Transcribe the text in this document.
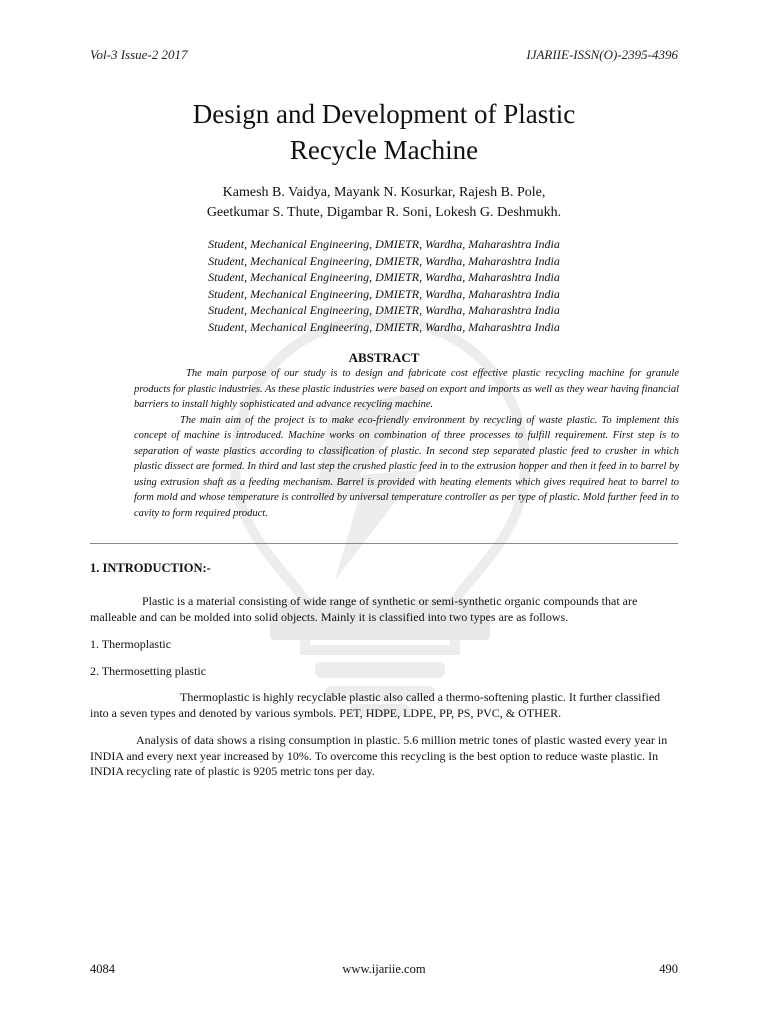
Vol-3 Issue-2 2017	IJARIIE-ISSN(O)-2395-4396
Design and Development of Plastic
Recycle Machine
Kamesh B. Vaidya, Mayank N. Kosurkar, Rajesh B. Pole,
Geetkumar S. Thute, Digambar R. Soni, Lokesh G. Deshmukh.
Student, Mechanical Engineering, DMIETR, Wardha, Maharashtra India
Student, Mechanical Engineering, DMIETR, Wardha, Maharashtra India
Student, Mechanical Engineering, DMIETR, Wardha, Maharashtra India
Student, Mechanical Engineering, DMIETR, Wardha, Maharashtra India
Student, Mechanical Engineering, DMIETR, Wardha, Maharashtra India
Student, Mechanical Engineering, DMIETR, Wardha, Maharashtra India
ABSTRACT

The main purpose of our study is to design and fabricate cost effective plastic recycling machine for granule products for plastic industries. As these plastic industries were based on export and imports as well as they wear having financial barriers to install highly sophisticated and advance recycling machine.

The main aim of the project is to make eco-friendly environment by recycling of waste plastic. To implement this concept of machine is introduced. Machine works on combination of three processes to fulfill requirement. First step is to separation of waste plastics according to classification of plastic. In second step separated plastic feed to crusher in which plastic dissect are formed. In third and last step the crushed plastic feed in to the extrusion hopper and then it feed in to barrel by using extrusion shaft as a feeding mechanism. Barrel is provided with heating elements which gives required heat to barrel to form mold and whose temperature is controlled by universal temperature controller as per type of plastic. Mold further feed in to cavity to form required product.

1. INTRODUCTION:-
Plastic is a material consisting of wide range of synthetic or semi-synthetic organic compounds that are malleable and can be molded into solid objects. Mainly it is classified into two types are as follows.
1. Thermoplastic
2. Thermosetting plastic
Thermoplastic is highly recyclable plastic also called a thermo-softening plastic. It further classified into a seven types and denoted by various symbols. PET, HDPE, LDPE, PP, PS, PVC, & OTHER.
Analysis of data shows a rising consumption in plastic. 5.6 million metric tones of plastic wasted every year in INDIA and every next year increased by 10%. To overcome this recycling is the best option to reduce waste plastic. In INDIA recycling rate of plastic is 9205 metric tons per day.
4084	www.ijariie.com	490
